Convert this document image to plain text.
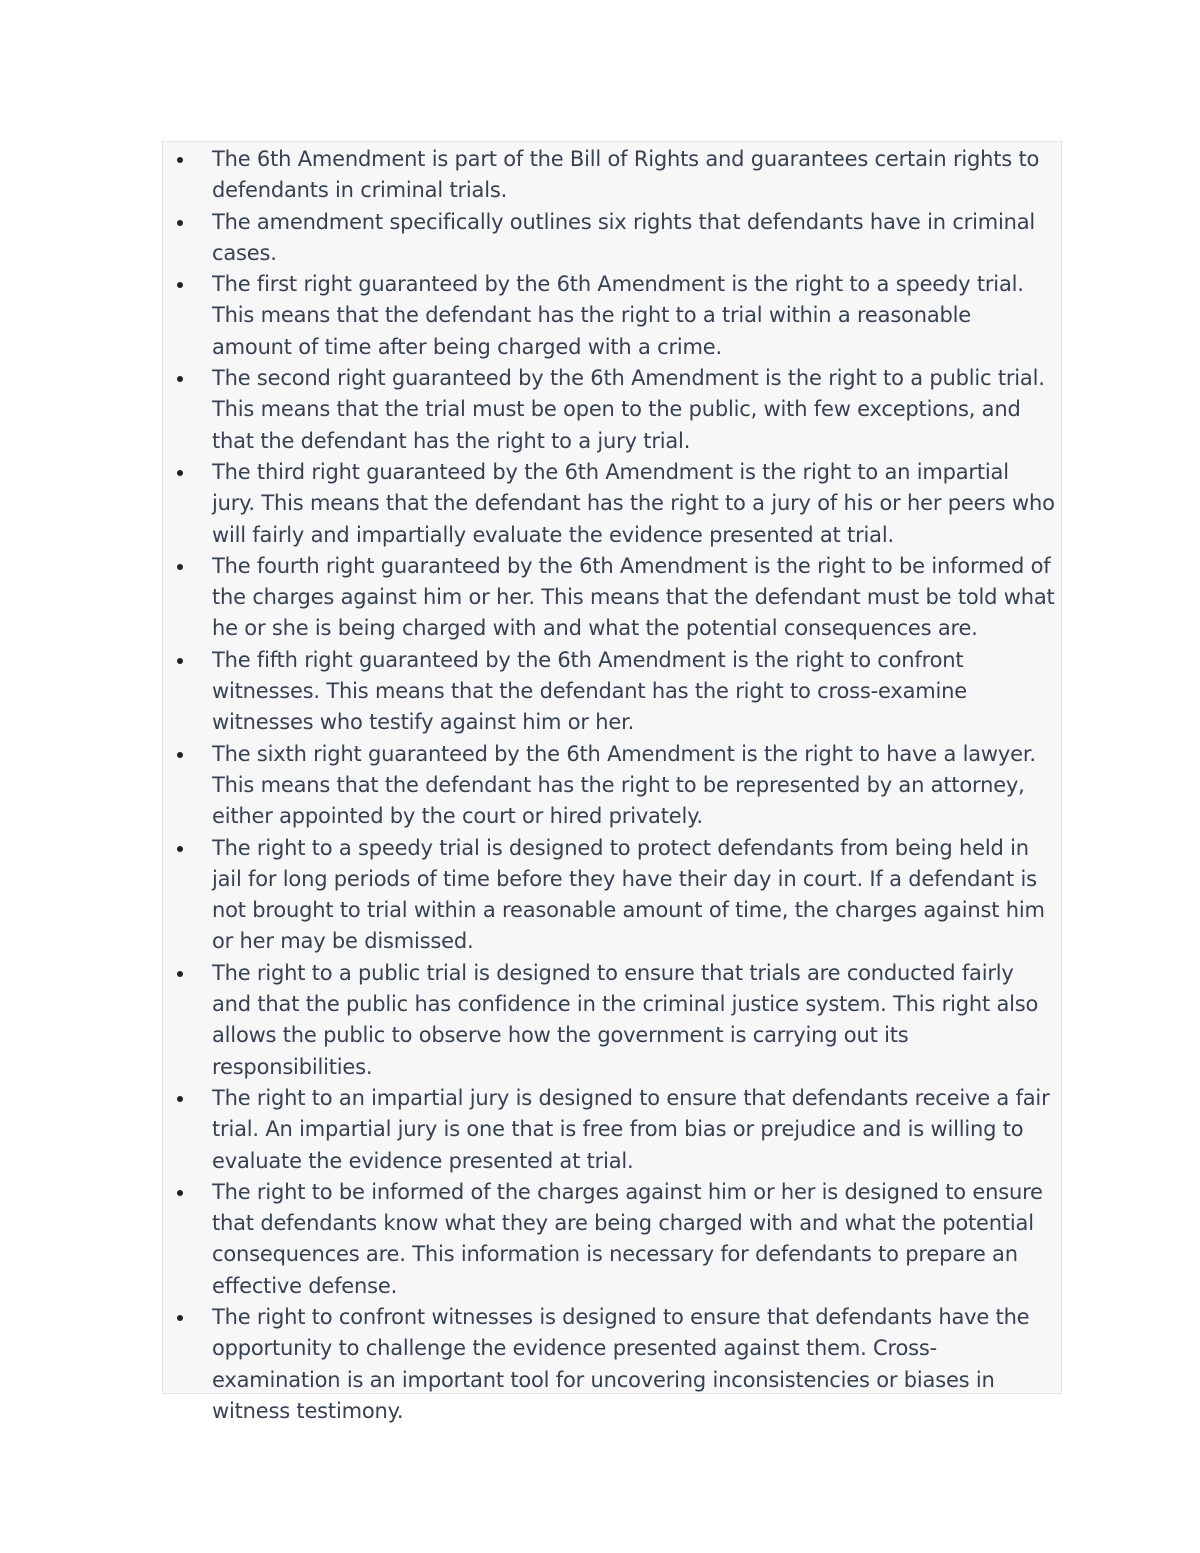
The 6th Amendment is part of the Bill of Rights and guarantees certain rights to defendants in criminal trials.
The amendment specifically outlines six rights that defendants have in criminal cases.
The first right guaranteed by the 6th Amendment is the right to a speedy trial. This means that the defendant has the right to a trial within a reasonable amount of time after being charged with a crime.
The second right guaranteed by the 6th Amendment is the right to a public trial. This means that the trial must be open to the public, with few exceptions, and that the defendant has the right to a jury trial.
The third right guaranteed by the 6th Amendment is the right to an impartial jury. This means that the defendant has the right to a jury of his or her peers who will fairly and impartially evaluate the evidence presented at trial.
The fourth right guaranteed by the 6th Amendment is the right to be informed of the charges against him or her. This means that the defendant must be told what he or she is being charged with and what the potential consequences are.
The fifth right guaranteed by the 6th Amendment is the right to confront witnesses. This means that the defendant has the right to cross-examine witnesses who testify against him or her.
The sixth right guaranteed by the 6th Amendment is the right to have a lawyer. This means that the defendant has the right to be represented by an attorney, either appointed by the court or hired privately.
The right to a speedy trial is designed to protect defendants from being held in jail for long periods of time before they have their day in court. If a defendant is not brought to trial within a reasonable amount of time, the charges against him or her may be dismissed.
The right to a public trial is designed to ensure that trials are conducted fairly and that the public has confidence in the criminal justice system. This right also allows the public to observe how the government is carrying out its responsibilities.
The right to an impartial jury is designed to ensure that defendants receive a fair trial. An impartial jury is one that is free from bias or prejudice and is willing to evaluate the evidence presented at trial.
The right to be informed of the charges against him or her is designed to ensure that defendants know what they are being charged with and what the potential consequences are. This information is necessary for defendants to prepare an effective defense.
The right to confront witnesses is designed to ensure that defendants have the opportunity to challenge the evidence presented against them. Cross-examination is an important tool for uncovering inconsistencies or biases in witness testimony.
